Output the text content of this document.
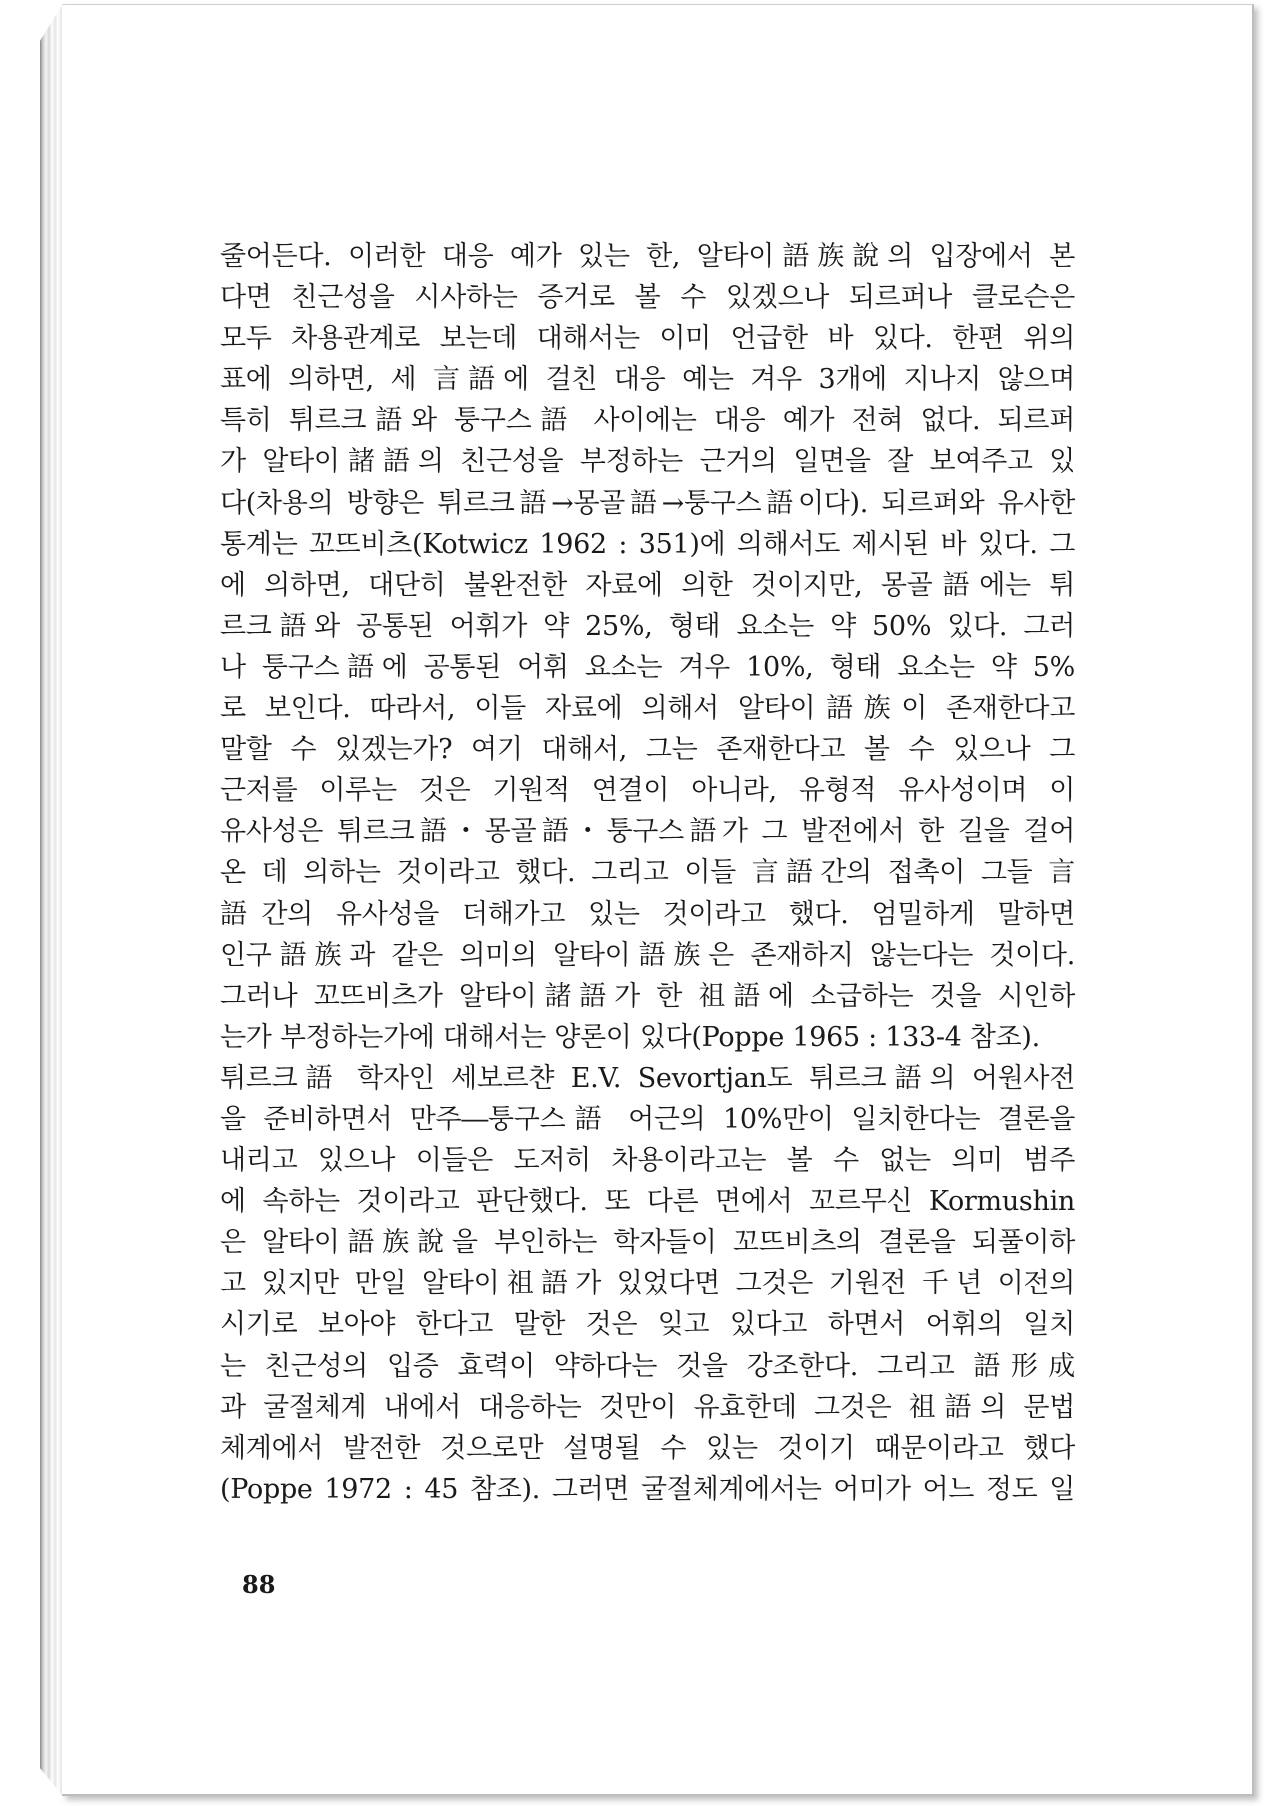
줄어든다. 이러한 대응 예가 있는 한, 알타이語族說의 입장에서 본
다면 친근성을 시사하는 증거로 볼 수 있겠으나 되르퍼나 클로슨은
모두 차용관계로 보는데 대해서는 이미 언급한 바 있다. 한편 위의
표에 의하면, 세 言語에 걸친 대응 예는 겨우 3개에 지나지 않으며
특히 튀르크語와 퉁구스語 사이에는 대응 예가 전혀 없다. 되르퍼
가 알타이諸語의 친근성을 부정하는 근거의 일면을 잘 보여주고 있
다(차용의 방향은 튀르크語→몽골語→퉁구스語이다). 되르퍼와 유사한
통계는 꼬뜨비츠(Kotwicz 1962 : 351)에 의해서도 제시된 바 있다. 그
에 의하면, 대단히 불완전한 자료에 의한 것이지만, 몽골語에는 튀
르크語와 공통된 어휘가 약 25%, 형태 요소는 약 50% 있다. 그러
나 퉁구스語에 공통된 어휘 요소는 겨우 10%, 형태 요소는 약 5%
로 보인다. 따라서, 이들 자료에 의해서 알타이語族이 존재한다고
말할 수 있겠는가? 여기 대해서, 그는 존재한다고 볼 수 있으나 그
근저를 이루는 것은 기원적 연결이 아니라, 유형적 유사성이며 이
유사성은 튀르크語・몽골語・퉁구스語가 그 발전에서 한 길을 걸어
온 데 의하는 것이라고 했다. 그리고 이들 言語간의 접촉이 그들 言
語간의 유사성을 더해가고 있는 것이라고 했다. 엄밀하게 말하면
인구語族과 같은 의미의 알타이語族은 존재하지 않는다는 것이다.
그러나 꼬뜨비츠가 알타이諸語가 한 祖語에 소급하는 것을 시인하
는가 부정하는가에 대해서는 양론이 있다(Poppe 1965 : 133-4 참조).
튀르크語 학자인 세보르챤 E.V. Sevortjan도 튀르크語의 어원사전
을 준비하면서 만주―퉁구스語 어근의 10%만이 일치한다는 결론을
내리고 있으나 이들은 도저히 차용이라고는 볼 수 없는 의미 범주
에 속하는 것이라고 판단했다. 또 다른 면에서 꼬르무신 Kormushin
은 알타이語族說을 부인하는 학자들이 꼬뜨비츠의 결론을 되풀이하
고 있지만 만일 알타이祖語가 있었다면 그것은 기원전 千년 이전의
시기로 보아야 한다고 말한 것은 잊고 있다고 하면서 어휘의 일치
는 친근성의 입증 효력이 약하다는 것을 강조한다. 그리고 語形成
과 굴절체계 내에서 대응하는 것만이 유효한데 그것은 祖語의 문법
체계에서 발전한 것으로만 설명될 수 있는 것이기 때문이라고 했다
(Poppe 1972 : 45 참조). 그러면 굴절체계에서는 어미가 어느 정도 일
88
